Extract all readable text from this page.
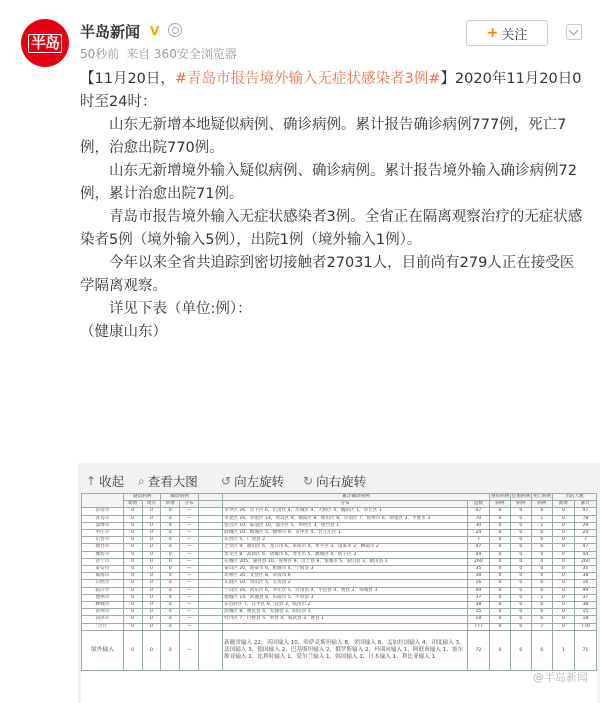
半岛
半岛新闻 V
50秒前 来自 360安全浏览器
+ 关注

【11月20日，#青岛市报告境外输入无症状感染者3例#】2020年11月20日0时至24时：

山东无新增本地疑似病例、确诊病例。累计报告确诊病例777例，死亡7例，治愈出院770例。

山东无新增境外输入疑似病例、确诊病例。累计报告境外输入确诊病例72例，累计治愈出院71例。

青岛市报告境外输入无症状感染者3例。全省正在隔离观察治疗的无症状感染者5例（境外输入5例），出院1例（境外输入1例）。

今年以来全省共追踪到密切接触者27031人，目前尚有279人正在接受医学隔离观察。

详见下表（单位:例）：

（健康山东）

↑ 收起 ⌕ 查看大图 ↺ 向左旋转 ↻ 向右旋转
	疑似病例		确诊病例			累计确诊病例		重症病例	危重病例	死亡病例	出院人数	
	新增	现有	新增	分布		分布	总数	病例	病例	病例	新增	累计
济南市	0	0	0	—		市中区 26，历下区 6，长清区 4，历城区 4，天桥区 4，槐荫区 1，章丘区 1	47	0	0	0	0	47
青岛市	0	0	0	—		市北区 16，李沧区 14，黄岛区 9，城阳区 8，崂山区 8，市南区 7，胶州市 6，即墨区 3，平度市 3	70	0	0	1	0	78
淄博市	0	0	0	—		张店区 10，临淄区 10，淄川区 5，周村区 3，桓台县 1	30	0	0	1	0	29
枣庄市	0	0	0	—		薛城区 10，峄城区 5，滕州市 9，市中区 4，台儿庄区 1	24	0	0	0	0	24
东营市	0	0	0	—		东营区 5，广饶县 2	7	0	0	0	0	7
烟台市	0	0	0	—		芝罘区 9，福山区 6，龙口市 6，莱阳市 4，牟平区 3，蓬莱市 2，栖霞市 2	47	0	0	0	0	47
潍坊市	0	0	0	—		奎文区 8，高新区 6，诸城市 6，寿光市 5，潍城区 4，坊子区 3	44	0	0	0	0	44
济宁市	0	0	0	—		任城区 205，嘉祥县 10，兖州区 9，汶上县 8，邹城市 5，梁山县 3，微山县 1	260	0	0	0	0	260
泰安市	0	0	0	—		泰山区 20，新泰市 6，肥城市 4，宁阳县 3	35	0	0	0	0	35
威海市	0	0	0	—		环翠区 20，文登区 8，荣成市 6	38	0	0	0	0	38
日照市	0	0	0	—		东港区 10，岚山区 5，五莲县 2	16	0	0	0	0	16
临沂市	0	0	0	—		兰山区 16，河东区 6，罗庄区 5，沂南县 4，平邑县 4，费县 3，郯城县 3	49	0	0	0	0	49
德州市	0	0	0	—		德城区 14，武城县 8，乐陵市 5，平原县 3	37	0	0	1	0	37
聊城市	0	0	0	—		东昌府区 7，茌平区 6，冠县 3，临清市 2	38	0	0	0	0	38
滨州市	0	0	0	—		滨城区 8，惠民县 4，无棣县 3，阳信县 1	15	0	0	0	0	15
菏泽市	0	0	0	—		牡丹区 7，巨野县 5，单县 4，成武县 3，曹县 1	18	0	0	0	0	18
合计	0	0	0	—			777	0	0	7	0	770
境外输入	0	0	0	—		新疆省输入 22，英国输入 10，哈萨克斯坦输入 8，美国输入 8，孟加拉国输入 4，印度输入 3，法国输入 3，德国输入 2，巴基斯坦输入 2，俄罗斯输入 2，玛瑙河输入 1，阿联酋输入 1，塞尔维亚输入 1，比利时输入 1，爱尔兰输入 1，韩国输入 1，日本输入 1，利比亚输入 1	72	0	0	0	1	71
@半岛新闻
